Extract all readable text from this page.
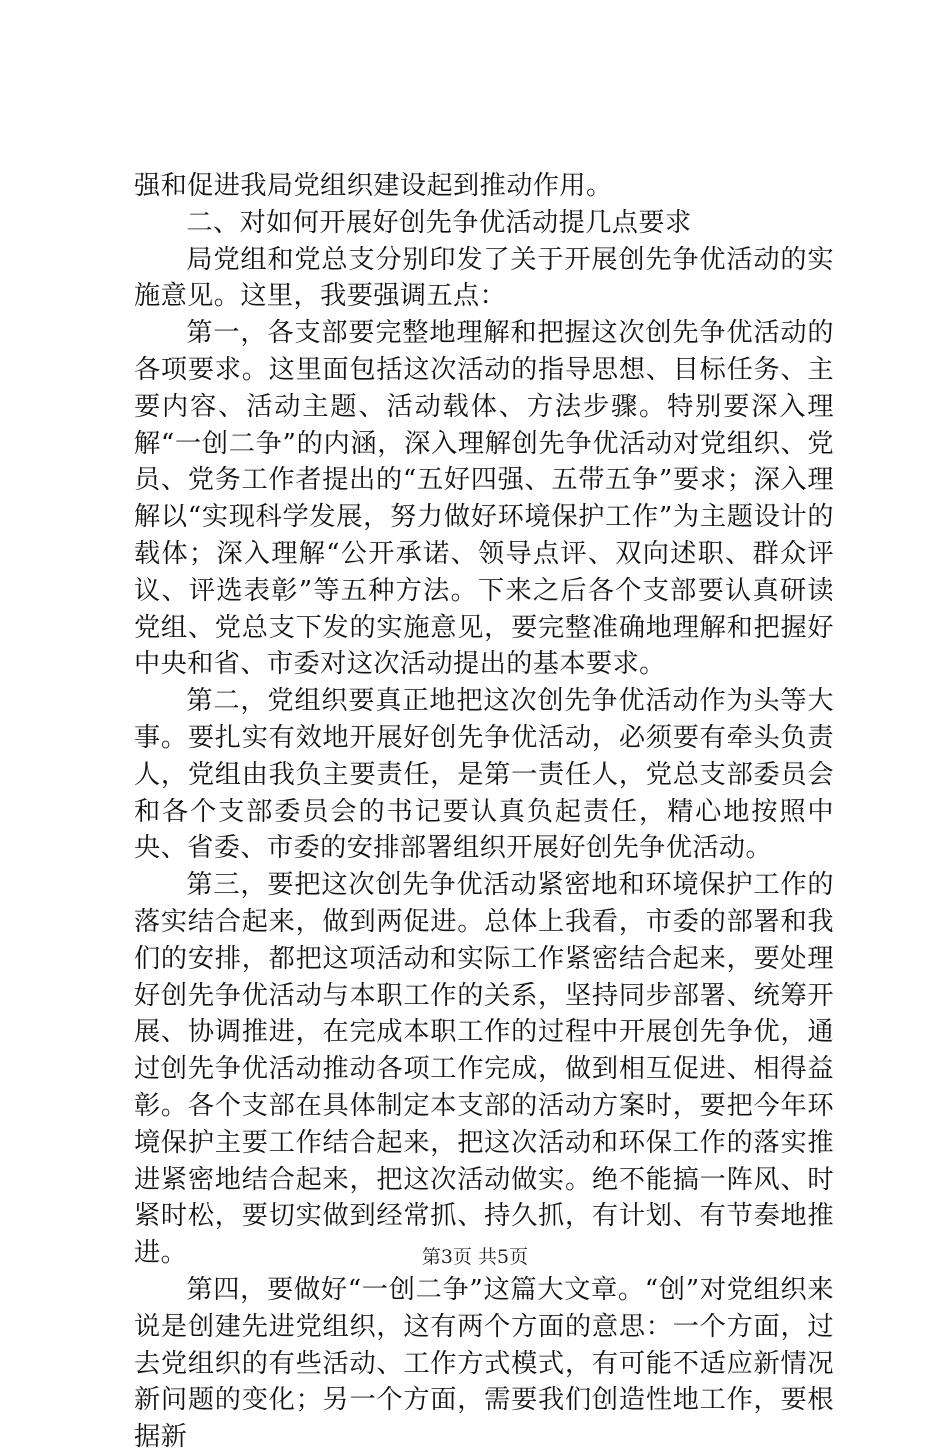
强和促进我局党组织建设起到推动作用。

二、对如何开展好创先争优活动提几点要求

局党组和党总支分别印发了关于开展创先争优活动的实施意见。这里，我要强调五点：

第一，各支部要完整地理解和把握这次创先争优活动的各项要求。这里面包括这次活动的指导思想、目标任务、主要内容、活动主题、活动载体、方法步骤。特别要深入理解“一创二争”的内涵，深入理解创先争优活动对党组织、党员、党务工作者提出的“五好四强、五带五争”要求；深入理解以“实现科学发展，努力做好环境保护工作”为主题设计的载体；深入理解“公开承诺、领导点评、双向述职、群众评议、评选表彰”等五种方法。下来之后各个支部要认真研读党组、党总支下发的实施意见，要完整准确地理解和把握好中央和省、市委对这次活动提出的基本要求。

第二，党组织要真正地把这次创先争优活动作为头等大事。要扎实有效地开展好创先争优活动，必须要有牵头负责人，党组由我负主要责任，是第一责任人，党总支部委员会和各个支部委员会的书记要认真负起责任，精心地按照中央、省委、市委的安排部署组织开展好创先争优活动。

第三，要把这次创先争优活动紧密地和环境保护工作的落实结合起来，做到两促进。总体上我看，市委的部署和我们的安排，都把这项活动和实际工作紧密结合起来，要处理好创先争优活动与本职工作的关系，坚持同步部署、统筹开展、协调推进，在完成本职工作的过程中开展创先争优，通过创先争优活动推动各项工作完成，做到相互促进、相得益彰。各个支部在具体制定本支部的活动方案时，要把今年环境保护主要工作结合起来，把这次活动和环保工作的落实推进紧密地结合起来，把这次活动做实。绝不能搞一阵风、时紧时松，要切实做到经常抓、持久抓，有计划、有节奏地推进。

第四，要做好“一创二争”这篇大文章。“创”对党组织来说是创建先进党组织，这有两个方面的意思：一个方面，过去党组织的有些活动、工作方式模式，有可能不适应新情况新问题的变化；另一个方面，需要我们创造性地工作，要根据新

第3页 共5页
